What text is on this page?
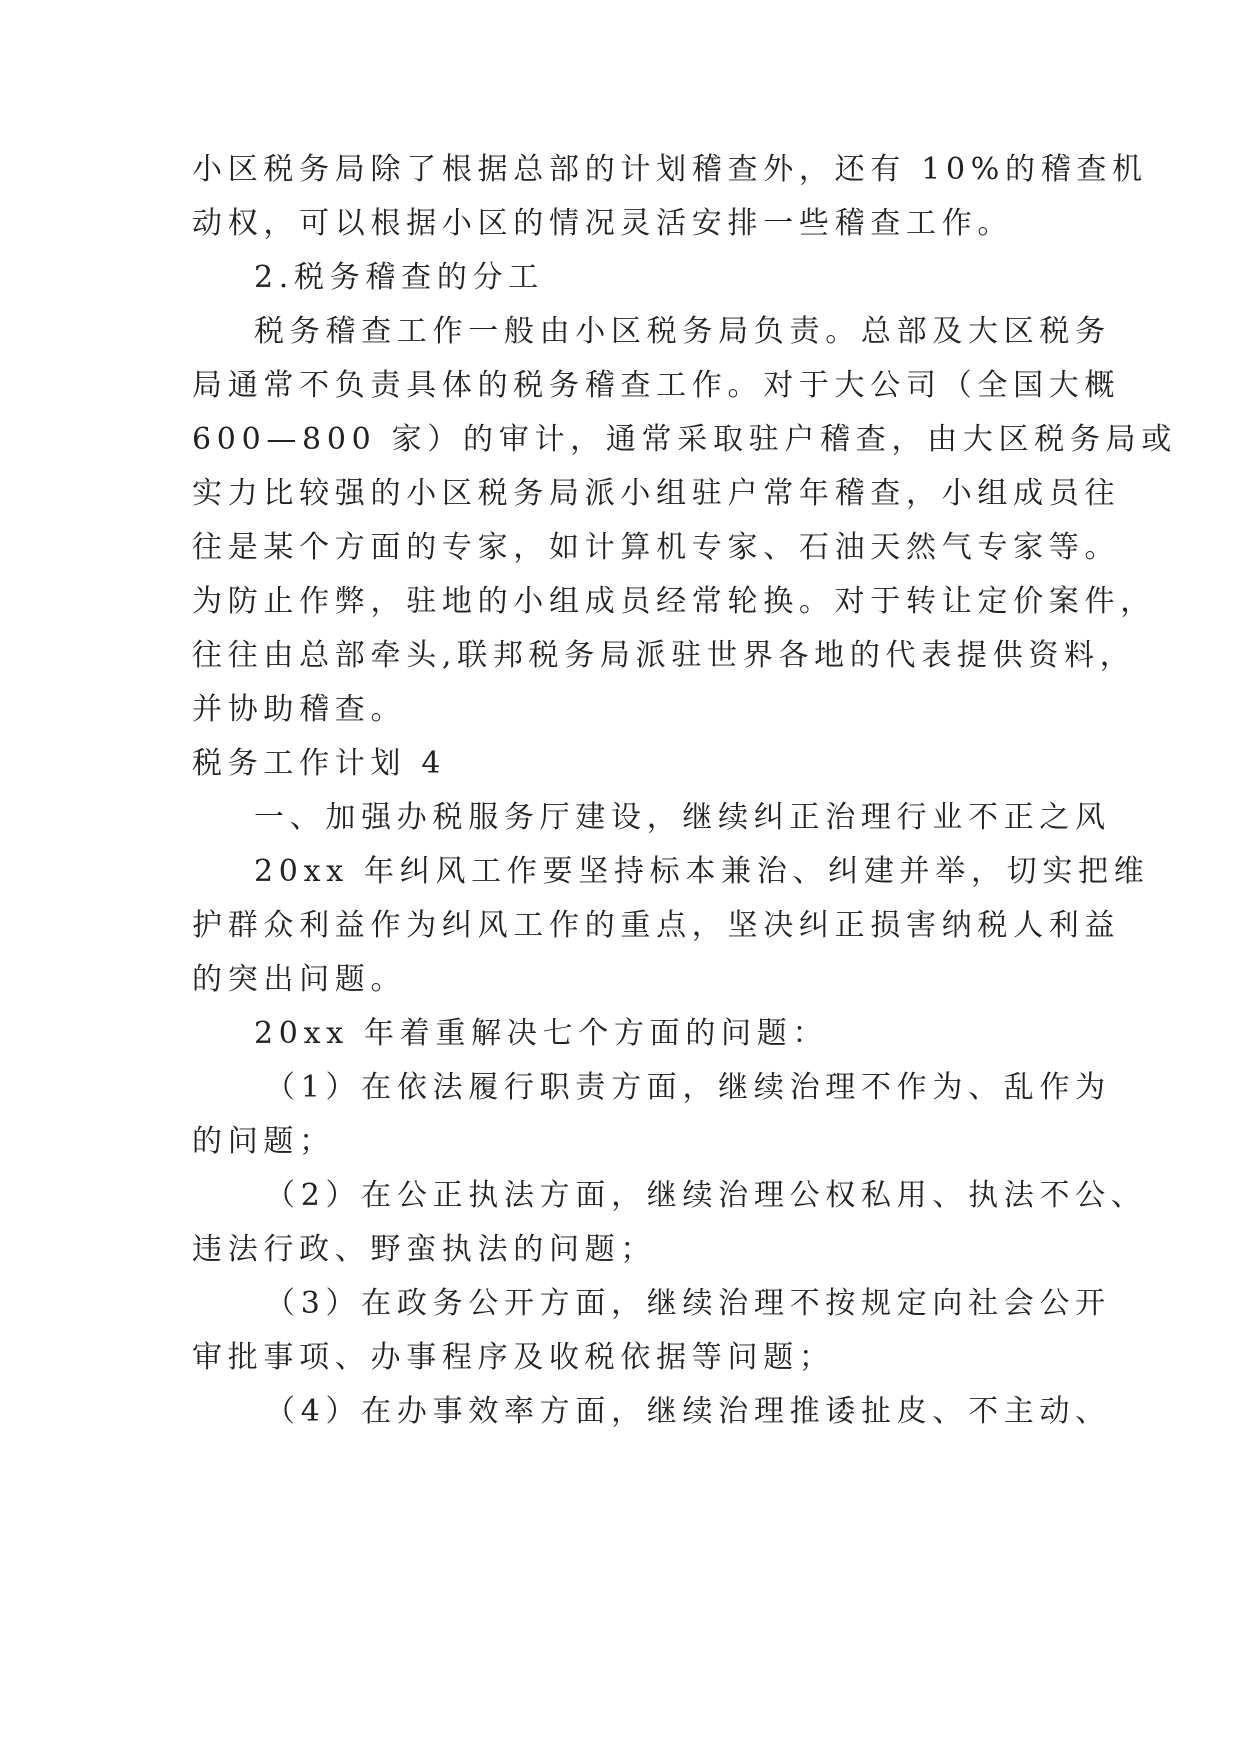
小区税务局除了根据总部的计划稽查外，还有 10%的稽查机
动权，可以根据小区的情况灵活安排一些稽查工作。
2.税务稽查的分工
税务稽查工作一般由小区税务局负责。总部及大区税务
局通常不负责具体的税务稽查工作。对于大公司（全国大概
600—800 家）的审计，通常采取驻户稽查，由大区税务局或
实力比较强的小区税务局派小组驻户常年稽查，小组成员往
往是某个方面的专家，如计算机专家、石油天然气专家等。
为防止作弊，驻地的小组成员经常轮换。对于转让定价案件，
往往由总部牵头,联邦税务局派驻世界各地的代表提供资料，
并协助稽查。
税务工作计划 4
一、加强办税服务厅建设，继续纠正治理行业不正之风
20xx 年纠风工作要坚持标本兼治、纠建并举，切实把维
护群众利益作为纠风工作的重点，坚决纠正损害纳税人利益
的突出问题。
20xx 年着重解决七个方面的问题：
（1）在依法履行职责方面，继续治理不作为、乱作为
的问题；
（2）在公正执法方面，继续治理公权私用、执法不公、
违法行政、野蛮执法的问题；
（3）在政务公开方面，继续治理不按规定向社会公开
审批事项、办事程序及收税依据等问题；
（4）在办事效率方面，继续治理推诿扯皮、不主动、
